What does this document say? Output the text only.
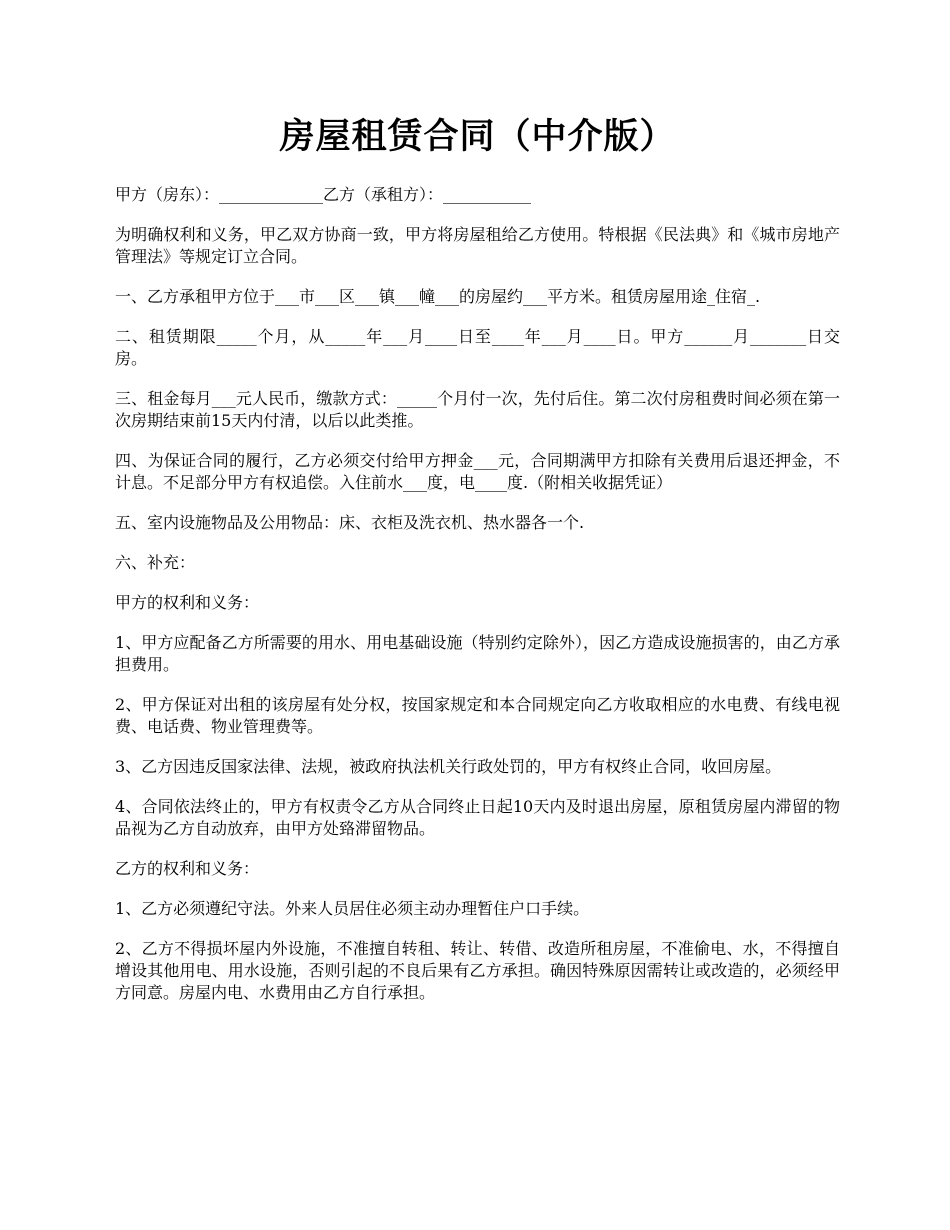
房屋租赁合同（中介版）

甲方（房东）：_____________乙方（承租方）：___________

为明确权利和义务，甲乙双方协商一致，甲方将房屋租给乙方使用。特根据《民法典》和《城市房地产管理法》等规定订立合同。

一、乙方承租甲方位于___市___区___镇___幢___的房屋约___平方米。租赁房屋用途_住宿_.

二、租赁期限_____个月，从_____年___月____日至____年___月____日。甲方______月_______日交房。

三、租金每月___元人民币，缴款方式：_____个月付一次，先付后住。第二次付房租费时间必须在第一次房期结束前15天内付清，以后以此类推。

四、为保证合同的履行，乙方必须交付给甲方押金___元，合同期满甲方扣除有关费用后退还押金，不计息。不足部分甲方有权追偿。入住前水___度，电____度.（附相关收据凭证）

五、室内设施物品及公用物品：床、衣柜及洗衣机、热水器各一个.

六、补充：

甲方的权利和义务：

1、甲方应配备乙方所需要的用水、用电基础设施（特别约定除外），因乙方造成设施损害的，由乙方承担费用。

2、甲方保证对出租的该房屋有处分权，按国家规定和本合同规定向乙方收取相应的水电费、有线电视费、电话费、物业管理费等。

3、乙方因违反国家法律、法规，被政府执法机关行政处罚的，甲方有权终止合同，收回房屋。

4、合同依法终止的，甲方有权责令乙方从合同终止日起10天内及时退出房屋，原租赁房屋内滞留的物品视为乙方自动放弃，由甲方处臵滞留物品。

乙方的权利和义务：

1、乙方必须遵纪守法。外来人员居住必须主动办理暂住户口手续。

2、乙方不得损坏屋内外设施，不准擅自转租、转让、转借、改造所租房屋，不准偷电、水，不得擅自增设其他用电、用水设施，否则引起的不良后果有乙方承担。确因特殊原因需转让或改造的，必须经甲方同意。房屋内电、水费用由乙方自行承担。
